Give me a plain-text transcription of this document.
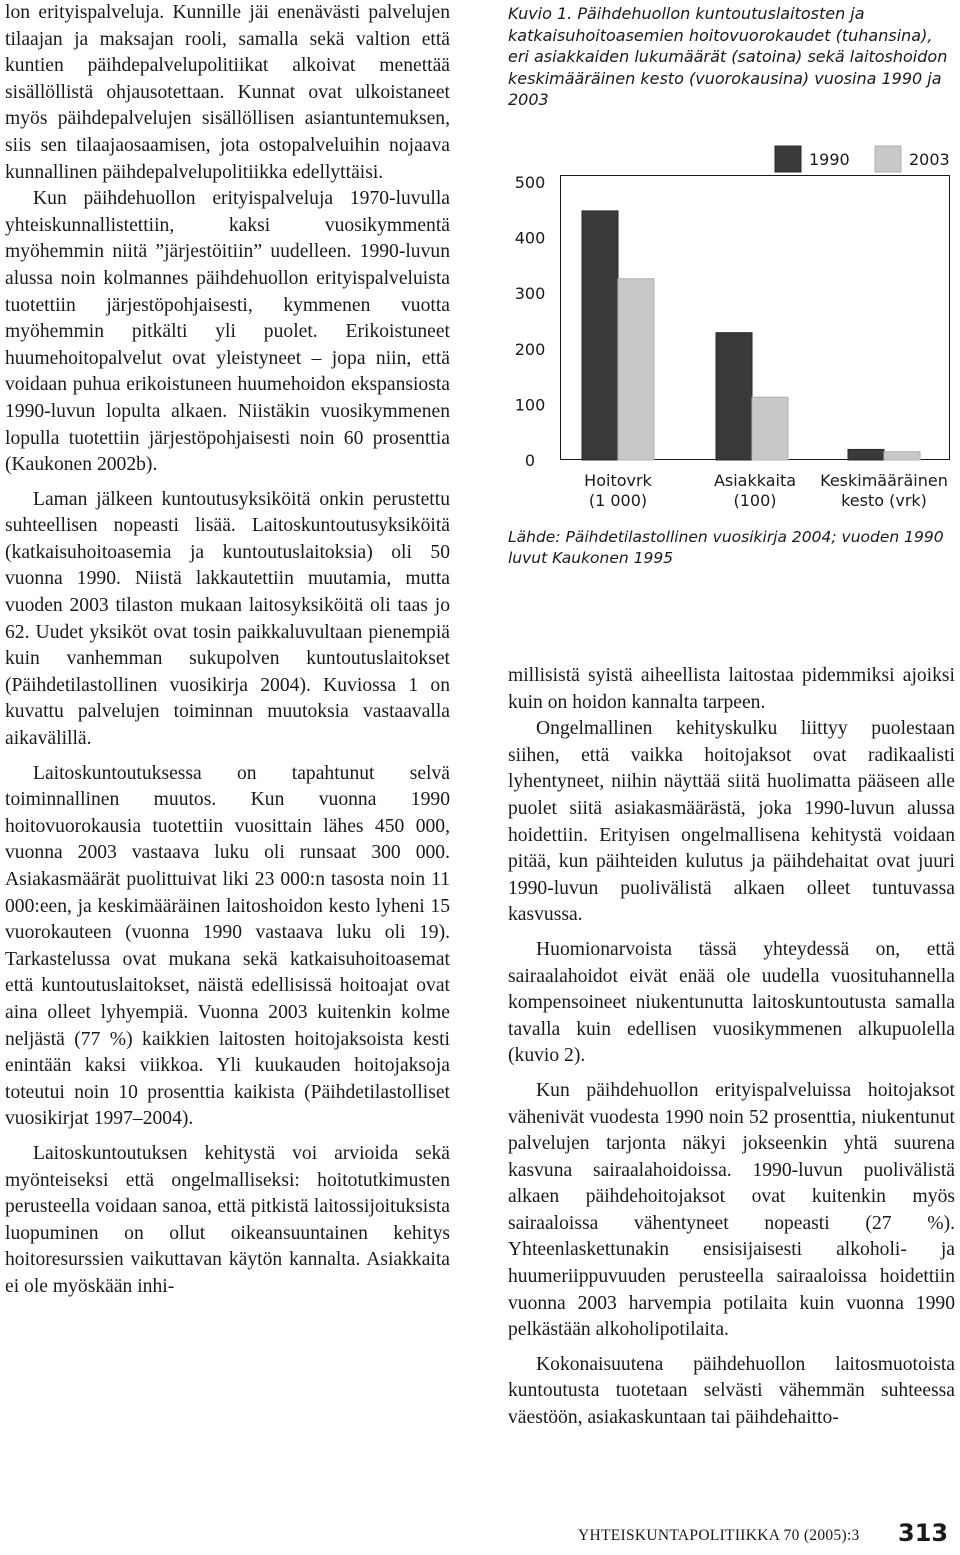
lon erityispalveluja. Kunnille jäi enenävästi palvelujen tilaajan ja maksajan rooli, samalla sekä valtion että kuntien päihdepalvelupolitiikat alkoivat menettää sisällöllistä ohjausotettaan. Kunnat ovat ulkoistaneet myös päihdepalvelujen sisällöllisen asiantuntemuksen, siis sen tilaajaosaamisen, jota ostopalveluihin nojaava kunnallinen päihdepalvelupolitiikka edellyttäisi.

Kun päihdehuollon erityispalveluja 1970-luvulla yhteiskunnallistettiin, kaksi vuosikymmentä myöhemmin niitä ”järjestöitiin” uudelleen. 1990-luvun alussa noin kolmannes päihdehuollon erityispalveluista tuotettiin järjestöpohjaisesti, kymmenen vuotta myöhemmin pitkälti yli puolet. Erikoistuneet huumehoitopalvelut ovat yleistyneet – jopa niin, että voidaan puhua erikoistuneen huumehoidon ekspansiosta 1990-luvun lopulta alkaen. Niistäkin vuosikymmenen lopulla tuotettiin järjestöpohjaisesti noin 60 prosenttia (Kaukonen 2002b).

Laman jälkeen kuntoutusyksiköitä onkin perustettu suhteellisen nopeasti lisää. Laitoskuntoutusyksiköitä (katkaisuhoitoasemia ja kuntoutuslaitoksia) oli 50 vuonna 1990. Niistä lakkautettiin muutamia, mutta vuoden 2003 tilaston mukaan laitosyksiköitä oli taas jo 62. Uudet yksiköt ovat tosin paikkaluvultaan pienempiä kuin vanhemman sukupolven kuntoutuslaitokset (Päihdetilastollinen vuosikirja 2004). Kuviossa 1 on kuvattu palvelujen toiminnan muutoksia vastaavalla aikavälillä.

Laitoskuntoutuksessa on tapahtunut selvä toiminnallinen muutos. Kun vuonna 1990 hoitovuorokausia tuotettiin vuosittain lähes 450 000, vuonna 2003 vastaava luku oli runsaat 300 000. Asiakasmäärät puolittuivat liki 23 000:n tasosta noin 11 000:een, ja keskimääräinen laitoshoidon kesto lyheni 15 vuorokauteen (vuonna 1990 vastaava luku oli 19). Tarkastelussa ovat mukana sekä katkaisuhoitoasemat että kuntoutuslaitokset, näistä edellisissä hoitoajat ovat aina olleet lyhyempiä. Vuonna 2003 kuitenkin kolme neljästä (77 %) kaikkien laitosten hoitojaksoista kesti enintään kaksi viikkoa. Yli kuukauden hoitojaksoja toteutui noin 10 prosenttia kaikista (Päihdetilastolliset vuosikirjat 1997–2004).

Laitoskuntoutuksen kehitystä voi arvioida sekä myönteiseksi että ongelmalliseksi: hoitotutkimusten perusteella voidaan sanoa, että pitkistä laitossijoituksista luopuminen on ollut oikeansuuntainen kehitys hoitoresurssien vaikuttavan käytön kannalta. Asiakkaita ei ole myöskään inhi-

Kuvio 1. Päihdehuollon kuntoutuslaitosten ja katkaisuhoitoasemien hoitovuorokaudet (tuhansina), eri asiakkaiden lukumäärät (satoina) sekä laitoshoidon keskimääräinen kesto (vuorokausina) vuosina 1990 ja 2003
0
100
200
300
400
500
Hoitovrk
(1 000)
Asiakkaita
(100)
Keskimääräinen
kesto (vrk)
1990	2003
Lähde: Päihdetilastollinen vuosikirja 2004; vuoden 1990 luvut Kaukonen 1995

millisistä syistä aiheellista laitostaa pidemmiksi ajoiksi kuin on hoidon kannalta tarpeen.

Ongelmallinen kehityskulku liittyy puolestaan siihen, että vaikka hoitojaksot ovat radikaalisti lyhentyneet, niihin näyttää siitä huolimatta pääseen alle puolet siitä asiakasmäärästä, joka 1990-luvun alussa hoidettiin. Erityisen ongelmallisena kehitystä voidaan pitää, kun päihteiden kulutus ja päihdehaitat ovat juuri 1990-luvun puolivälistä alkaen olleet tuntuvassa kasvussa.

Huomionarvoista tässä yhteydessä on, että sairaalahoidot eivät enää ole uudella vuosituhannella kompensoineet niukentunutta laitoskuntoutusta samalla tavalla kuin edellisen vuosikymmenen alkupuolella (kuvio 2).

Kun päihdehuollon erityispalveluissa hoitojaksot vähenivät vuodesta 1990 noin 52 prosenttia, niukentunut palvelujen tarjonta näkyi jokseenkin yhtä suurena kasvuna sairaalahoidoissa. 1990-luvun puolivälistä alkaen päihdehoitojaksot ovat kuitenkin myös sairaaloissa vähentyneet nopeasti (27 %). Yhteenlaskettunakin ensisijaisesti alkoholi- ja huumeriippuvuuden perusteella sairaaloissa hoidettiin vuonna 2003 harvempia potilaita kuin vuonna 1990 pelkästään alkoholipotilaita.

Kokonaisuutena päihdehuollon laitosmuotoista kuntoutusta tuotetaan selvästi vähemmän suhteessa väestöön, asiakaskuntaan tai päihdehaitto-

YHTEISKUNTAPOLITIIKKA 70 (2005):3 313
